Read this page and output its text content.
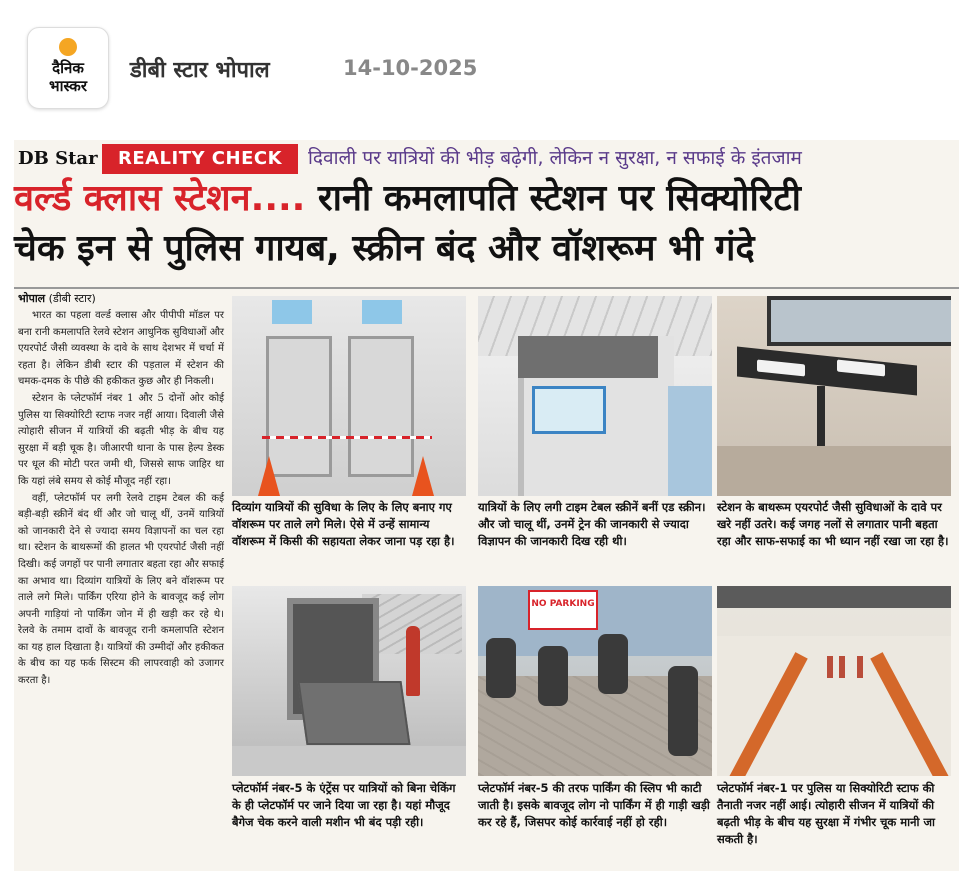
दैनिक
भास्कर
डीबी स्टार भोपाल	14-10-2025
DB Star	REALITY CHECK	दिवाली पर यात्रियों की भीड़ बढ़ेगी, लेकिन न सुरक्षा, न सफाई के इंतजाम
वर्ल्ड क्लास स्टेशन.... रानी कमलापति स्टेशन पर सिक्योरिटी
चेक इन से पुलिस गायब, स्क्रीन बंद और वॉशरूम भी गंदे
भोपाल (डीबी स्टार)

भारत का पहला वर्ल्ड क्लास और पीपीपी मॉडल पर बना रानी कमलापति रेलवे स्टेशन आधुनिक सुविधाओं और एयरपोर्ट जैसी व्यवस्था के दावे के साथ देशभर में चर्चा में रहता है। लेकिन डीबी स्टार की पड़ताल में स्टेशन की चमक-दमक के पीछे की हकीकत कुछ और ही निकली।

स्टेशन के प्लेटफॉर्म नंबर 1 और 5 दोनों ओर कोई पुलिस या सिक्योरिटी स्टाफ नजर नहीं आया। दिवाली जैसे त्योहारी सीजन में यात्रियों की बढ़ती भीड़ के बीच यह सुरक्षा में बड़ी चूक है। जीआरपी थाना के पास हेल्प डेस्क पर धूल की मोटी परत जमी थी, जिससे साफ जाहिर था कि यहां लंबे समय से कोई मौजूद नहीं रहा।

वहीं, प्लेटफॉर्म पर लगी रेलवे टाइम टेबल की कई बड़ी-बड़ी स्क्रीनें बंद थीं और जो चालू थीं, उनमें यात्रियों को जानकारी देने से ज्यादा समय विज्ञापनों का चल रहा था। स्टेशन के बाथरूमों की हालत भी एयरपोर्ट जैसी नहीं दिखी। कई जगहों पर पानी लगातार बहता रहा और सफाई का अभाव था। दिव्यांग यात्रियों के लिए बने वॉशरूम पर ताले लगे मिले। पार्किंग एरिया होने के बावजूद कई लोग अपनी गाड़ियां नो पार्किंग जोन में ही खड़ी कर रहे थे। रेलवे के तमाम दावों के बावजूद रानी कमलापति स्टेशन का यह हाल दिखाता है। यात्रियों की उम्मीदों और हकीकत के बीच का यह फर्क सिस्टम की लापरवाही को उजागर करता है।

दिव्यांग यात्रियों की सुविधा के लिए के लिए बनाए गए वॉशरूम पर ताले लगे मिले। ऐसे में उन्हें सामान्य वॉशरूम में किसी की सहायता लेकर जाना पड़ रहा है।
यात्रियों के लिए लगी टाइम टेबल स्क्रीनें बनीं एड स्क्रीन। और जो चालू थीं, उनमें ट्रेन की जानकारी से ज्यादा विज्ञापन की जानकारी दिख रही थी।
स्टेशन के बाथरूम एयरपोर्ट जैसी सुविधाओं के दावे पर खरे नहीं उतरे। कई जगह नलों से लगातार पानी बहता रहा और साफ-सफाई का भी ध्यान नहीं रखा जा रहा है।
प्लेटफॉर्म नंबर-5 के एंट्रेंस पर यात्रियों को बिना चेकिंग के ही प्लेटफॉर्म पर जाने दिया जा रहा है। यहां मौजूद बैगेज चेक करने वाली मशीन भी बंद पड़ी रही।
NO PARKING
प्लेटफॉर्म नंबर-5 की तरफ पार्किंग की स्लिप भी काटी जाती है। इसके बावजूद लोग नो पार्किंग में ही गाड़ी खड़ी कर रहे हैं, जिसपर कोई कार्रवाई नहीं हो रही।
प्लेटफॉर्म नंबर-1 पर पुलिस या सिक्योरिटी स्टाफ की तैनाती नजर नहीं आई। त्योहारी सीजन में यात्रियों की बढ़ती भीड़ के बीच यह सुरक्षा में गंभीर चूक मानी जा सकती है।
